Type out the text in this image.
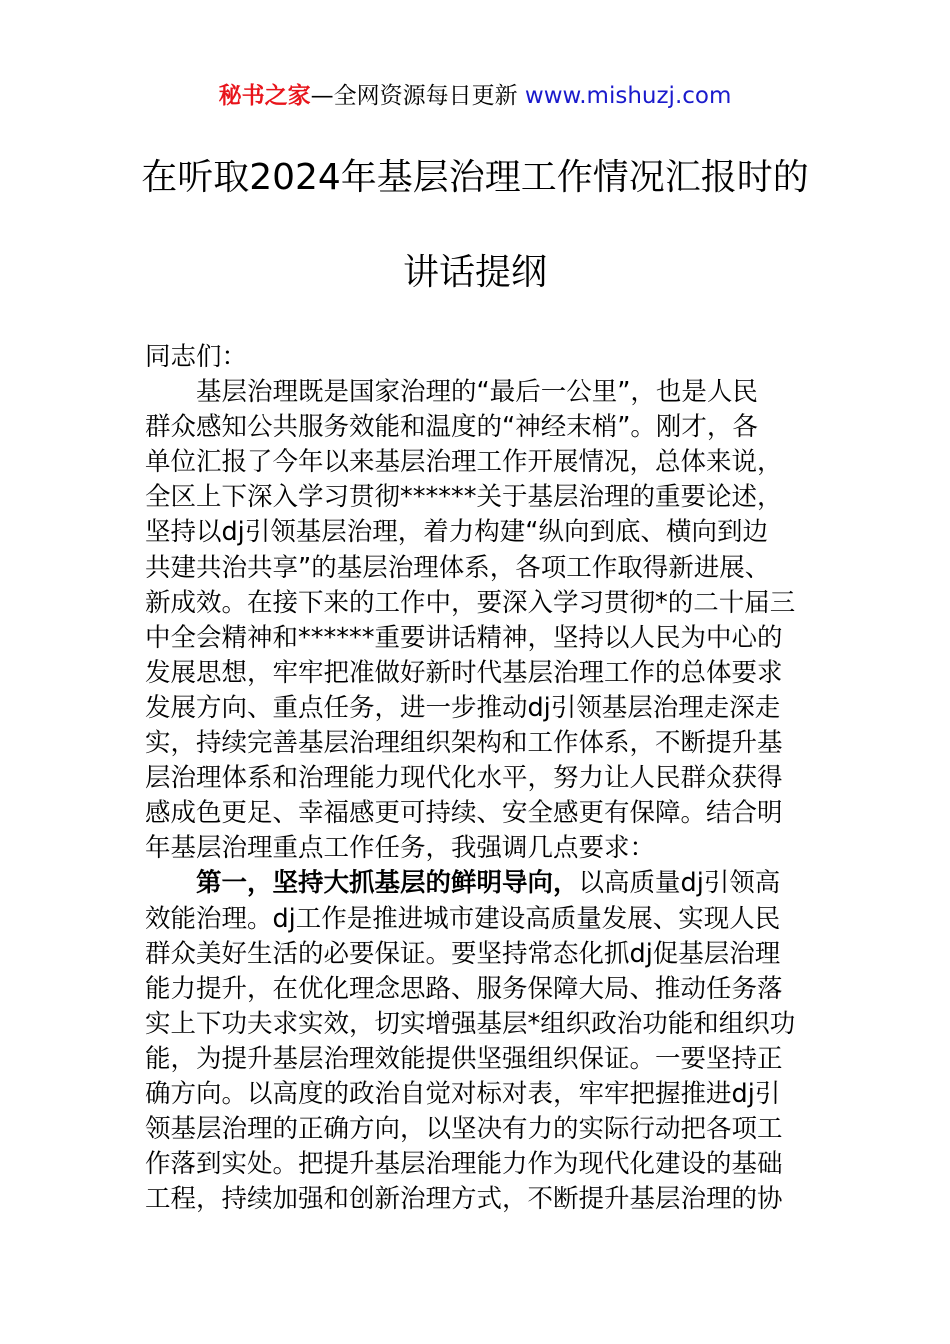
秘书之家—全网资源每日更新 www.mishuzj.com
在听取2024年基层治理工作情况汇报时的
讲话提纲
同志们：
基层治理既是国家治理的“最后一公里”，也是人民
群众感知公共服务效能和温度的“神经末梢”。刚才，各
单位汇报了今年以来基层治理工作开展情况，总体来说，
全区上下深入学习贯彻******关于基层治理的重要论述，
坚持以dj引领基层治理，着力构建“纵向到底、横向到边
共建共治共享”的基层治理体系，各项工作取得新进展、
新成效。在接下来的工作中，要深入学习贯彻*的二十届三
中全会精神和******重要讲话精神，坚持以人民为中心的
发展思想，牢牢把准做好新时代基层治理工作的总体要求
发展方向、重点任务，进一步推动dj引领基层治理走深走
实，持续完善基层治理组织架构和工作体系，不断提升基
层治理体系和治理能力现代化水平，努力让人民群众获得
感成色更足、幸福感更可持续、安全感更有保障。结合明
年基层治理重点工作任务，我强调几点要求：
第一，坚持大抓基层的鲜明导向，以高质量dj引领高
效能治理。dj工作是推进城市建设高质量发展、实现人民
群众美好生活的必要保证。要坚持常态化抓dj促基层治理
能力提升，在优化理念思路、服务保障大局、推动任务落
实上下功夫求实效，切实增强基层*组织政治功能和组织功
能，为提升基层治理效能提供坚强组织保证。一要坚持正
确方向。以高度的政治自觉对标对表，牢牢把握推进dj引
领基层治理的正确方向，以坚决有力的实际行动把各项工
作落到实处。把提升基层治理能力作为现代化建设的基础
工程，持续加强和创新治理方式，不断提升基层治理的协
